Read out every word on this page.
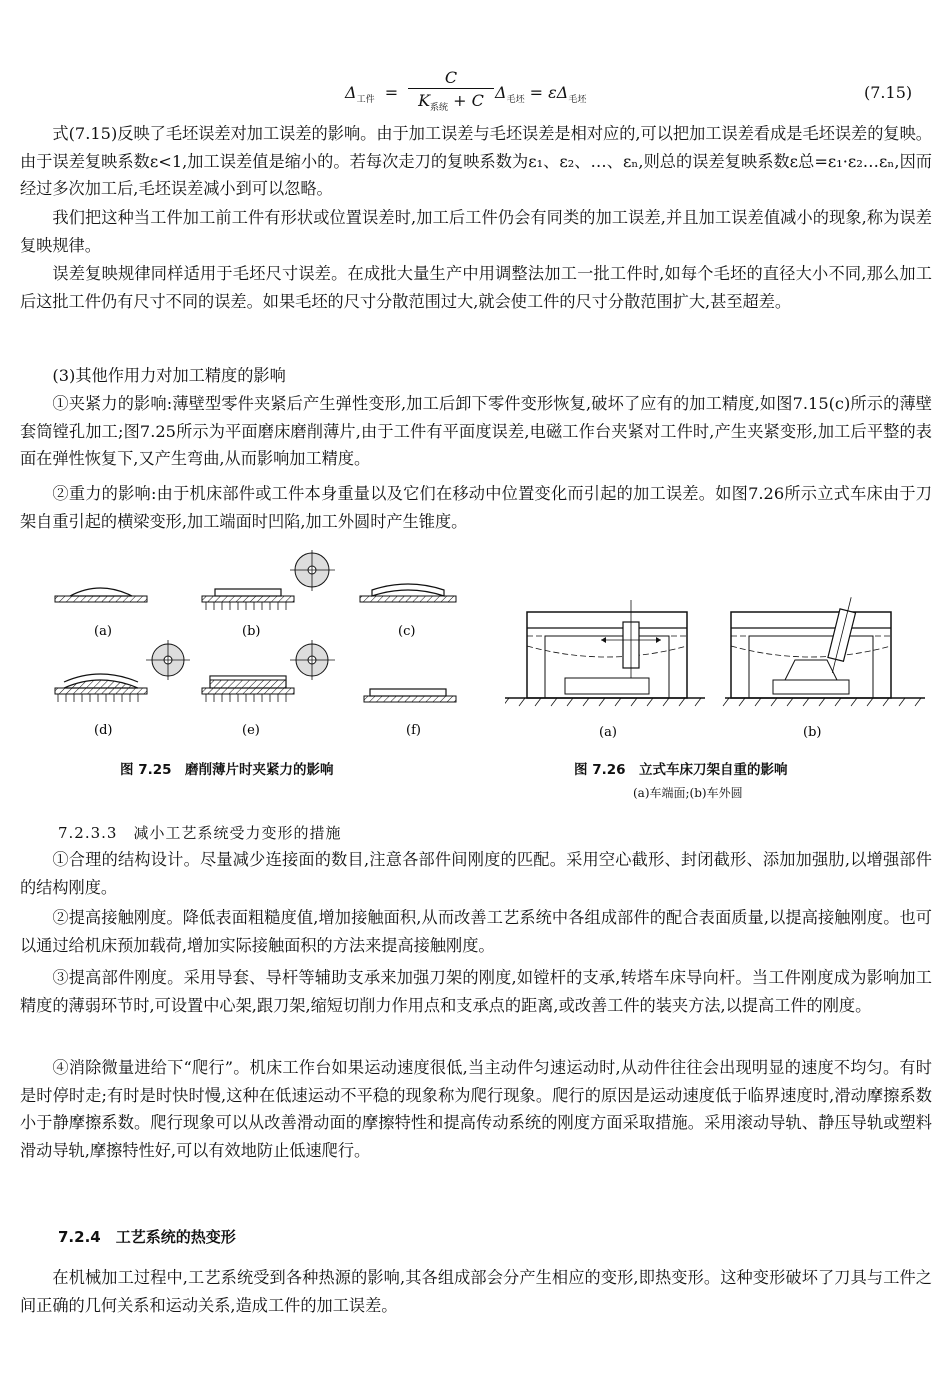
$\Delta_{工件}$ =
C
$K_{系统} + C$ $\Delta_{毛坯} = \varepsilon\Delta_{毛坯}$	(7.15)

式(7.15)反映了毛坯误差对加工误差的影响。由于加工误差与毛坯误差是相对应的,可以把加工误差看成是毛坯误差的复映。由于误差复映系数ε<1,加工误差值是缩小的。若每次走刀的复映系数为ε₁、ε₂、…、εₙ,则总的误差复映系数ε总=ε₁·ε₂…εₙ,因而经过多次加工后,毛坯误差减小到可以忽略。

我们把这种当工件加工前工件有形状或位置误差时,加工后工件仍会有同类的加工误差,并且加工误差值减小的现象,称为误差复映规律。

误差复映规律同样适用于毛坯尺寸误差。在成批大量生产中用调整法加工一批工件时,如每个毛坯的直径大小不同,那么加工后这批工件仍有尺寸不同的误差。如果毛坯的尺寸分散范围过大,就会使工件的尺寸分散范围扩大,甚至超差。

(3)其他作用力对加工精度的影响

①夹紧力的影响:薄壁型零件夹紧后产生弹性变形,加工后卸下零件变形恢复,破坏了应有的加工精度,如图7.15(c)所示的薄壁套筒镗孔加工;图7.25所示为平面磨床磨削薄片,由于工件有平面度误差,电磁工作台夹紧对工件时,产生夹紧变形,加工后平整的表面在弹性恢复下,又产生弯曲,从而影响加工精度。

②重力的影响:由于机床部件或工件本身重量以及它们在移动中位置变化而引起的加工误差。如图7.26所示立式车床由于刀架自重引起的横梁变形,加工端面时凹陷,加工外圆时产生锥度。

(a)	(b)	(c)
(d)	(e)	(f)
图 7.25　磨削薄片时夹紧力的影响
(a)	(b)
图 7.26　立式车床刀架自重的影响
(a)车端面;(b)车外圆
7.2.3.3　减小工艺系统受力变形的措施

①合理的结构设计。尽量减少连接面的数目,注意各部件间刚度的匹配。采用空心截形、封闭截形、添加加强肋,以增强部件的结构刚度。

②提高接触刚度。降低表面粗糙度值,增加接触面积,从而改善工艺系统中各组成部件的配合表面质量,以提高接触刚度。也可以通过给机床预加载荷,增加实际接触面积的方法来提高接触刚度。

③提高部件刚度。采用导套、导杆等辅助支承来加强刀架的刚度,如镗杆的支承,转塔车床导向杆。当工件刚度成为影响加工精度的薄弱环节时,可设置中心架,跟刀架,缩短切削力作用点和支承点的距离,或改善工件的装夹方法,以提高工件的刚度。

④消除微量进给下“爬行”。机床工作台如果运动速度很低,当主动件匀速运动时,从动件往往会出现明显的速度不均匀。有时是时停时走;有时是时快时慢,这种在低速运动不平稳的现象称为爬行现象。爬行的原因是运动速度低于临界速度时,滑动摩擦系数小于静摩擦系数。爬行现象可以从改善滑动面的摩擦特性和提高传动系统的刚度方面采取措施。采用滚动导轨、静压导轨或塑料滑动导轨,摩擦特性好,可以有效地防止低速爬行。

7.2.4　工艺系统的热变形

在机械加工过程中,工艺系统受到各种热源的影响,其各组成部会分产生相应的变形,即热变形。这种变形破坏了刀具与工件之间正确的几何关系和运动关系,造成工件的加工误差。
